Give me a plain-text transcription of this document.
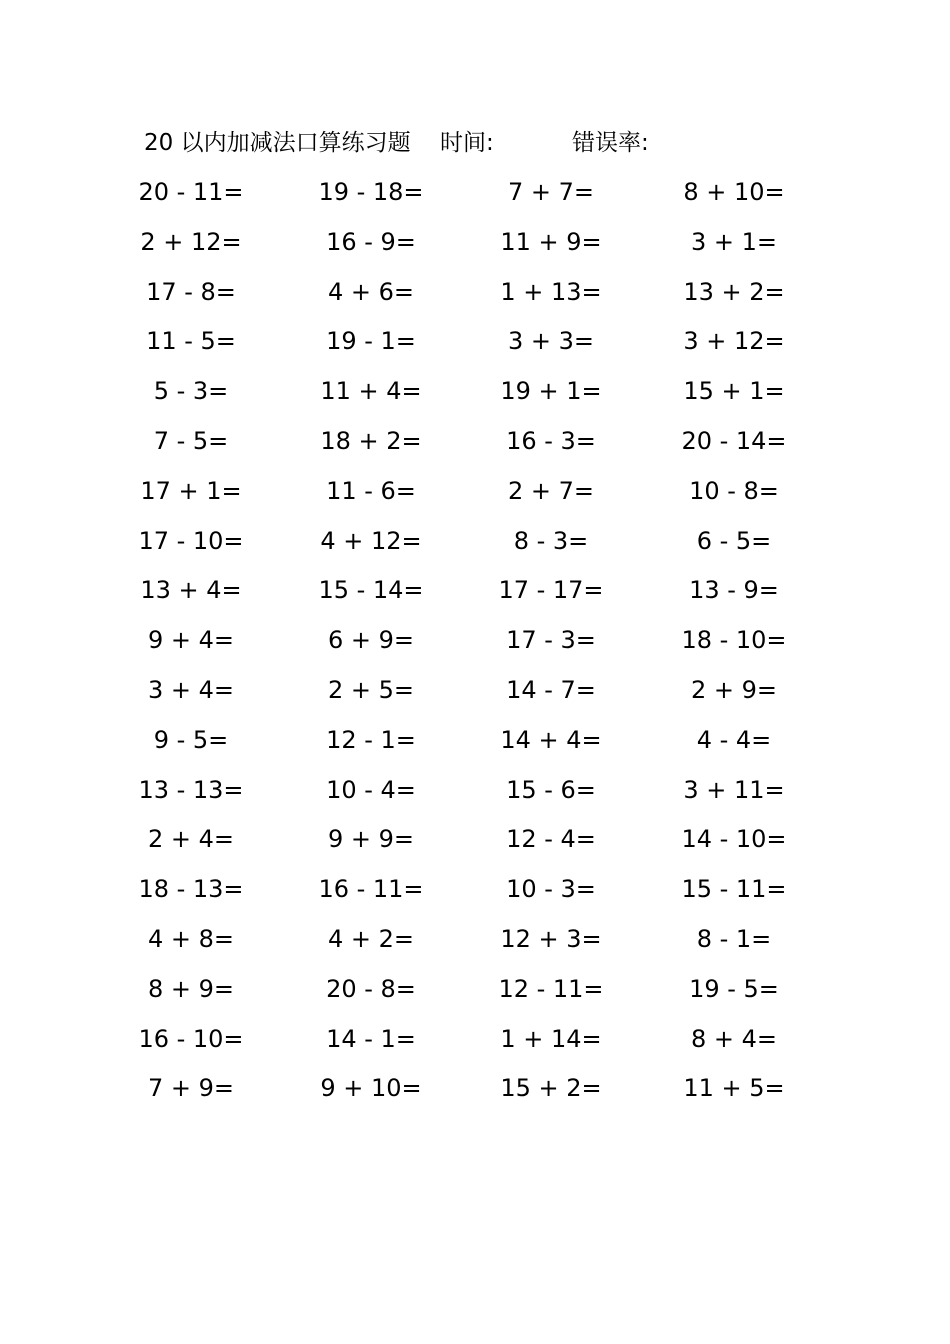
20 以内加减法口算练习题 时间:	错误率:
20 - 11=	19 - 18=	7 + 7=	8 + 10=
2 + 12=	16 - 9=	11 + 9=	3 + 1=
17 - 8=	4 + 6=	1 + 13=	13 + 2=
11 - 5=	19 - 1=	3 + 3=	3 + 12=
5 - 3=	11 + 4=	19 + 1=	15 + 1=
7 - 5=	18 + 2=	16 - 3=	20 - 14=
17 + 1=	11 - 6=	2 + 7=	10 - 8=
17 - 10=	4 + 12=	8 - 3=	6 - 5=
13 + 4=	15 - 14=	17 - 17=	13 - 9=
9 + 4=	6 + 9=	17 - 3=	18 - 10=
3 + 4=	2 + 5=	14 - 7=	2 + 9=
9 - 5=	12 - 1=	14 + 4=	4 - 4=
13 - 13=	10 - 4=	15 - 6=	3 + 11=
2 + 4=	9 + 9=	12 - 4=	14 - 10=
18 - 13=	16 - 11=	10 - 3=	15 - 11=
4 + 8=	4 + 2=	12 + 3=	8 - 1=
8 + 9=	20 - 8=	12 - 11=	19 - 5=
16 - 10=	14 - 1=	1 + 14=	8 + 4=
7 + 9=	9 + 10=	15 + 2=	11 + 5=
